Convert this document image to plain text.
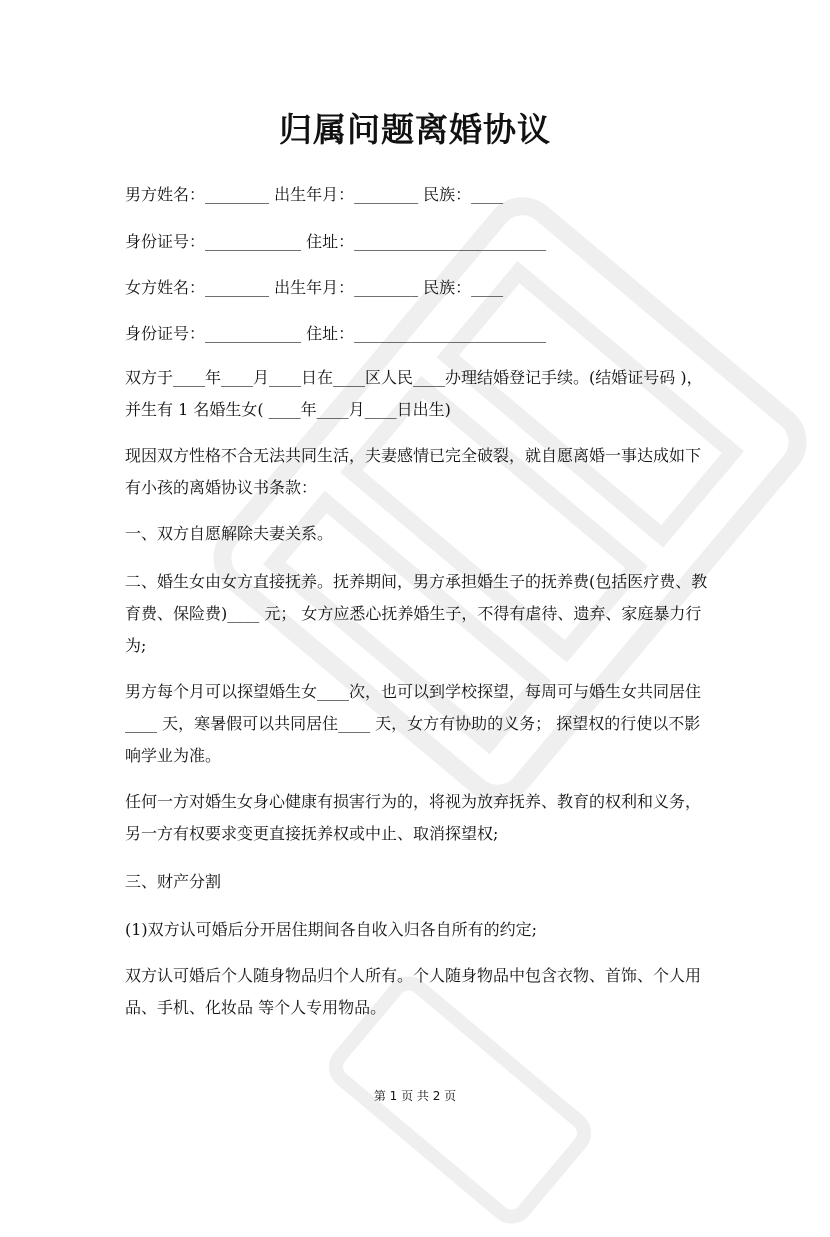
归属问题离婚协议
男方姓名：________ 出生年月：________ 民族：____
身份证号：____________ 住址：________________________
女方姓名：________ 出生年月：________ 民族：____
身份证号：____________ 住址：________________________
双方于____年____月____日在____区人民____办理结婚登记手续。(结婚证号码 )，并生有 1 名婚生女( ____年____月____日出生)
现因双方性格不合无法共同生活，夫妻感情已完全破裂，就自愿离婚一事达成如下有小孩的离婚协议书条款：
一、双方自愿解除夫妻关系。
二、婚生女由女方直接抚养。抚养期间，男方承担婚生子的抚养费(包括医疗费、教育费、保险费)____ 元； 女方应悉心抚养婚生子，不得有虐待、遗弃、家庭暴力行为;
男方每个月可以探望婚生女____次，也可以到学校探望，每周可与婚生女共同居住____ 天，寒暑假可以共同居住____ 天，女方有协助的义务； 探望权的行使以不影响学业为准。
任何一方对婚生女身心健康有损害行为的，将视为放弃抚养、教育的权利和义务，另一方有权要求变更直接抚养权或中止、取消探望权;
三、财产分割
(1)双方认可婚后分开居住期间各自收入归各自所有的约定;
双方认可婚后个人随身物品归个人所有。个人随身物品中包含衣物、首饰、个人用品、手机、化妆品 等个人专用物品。
第 1 页 共 2 页
